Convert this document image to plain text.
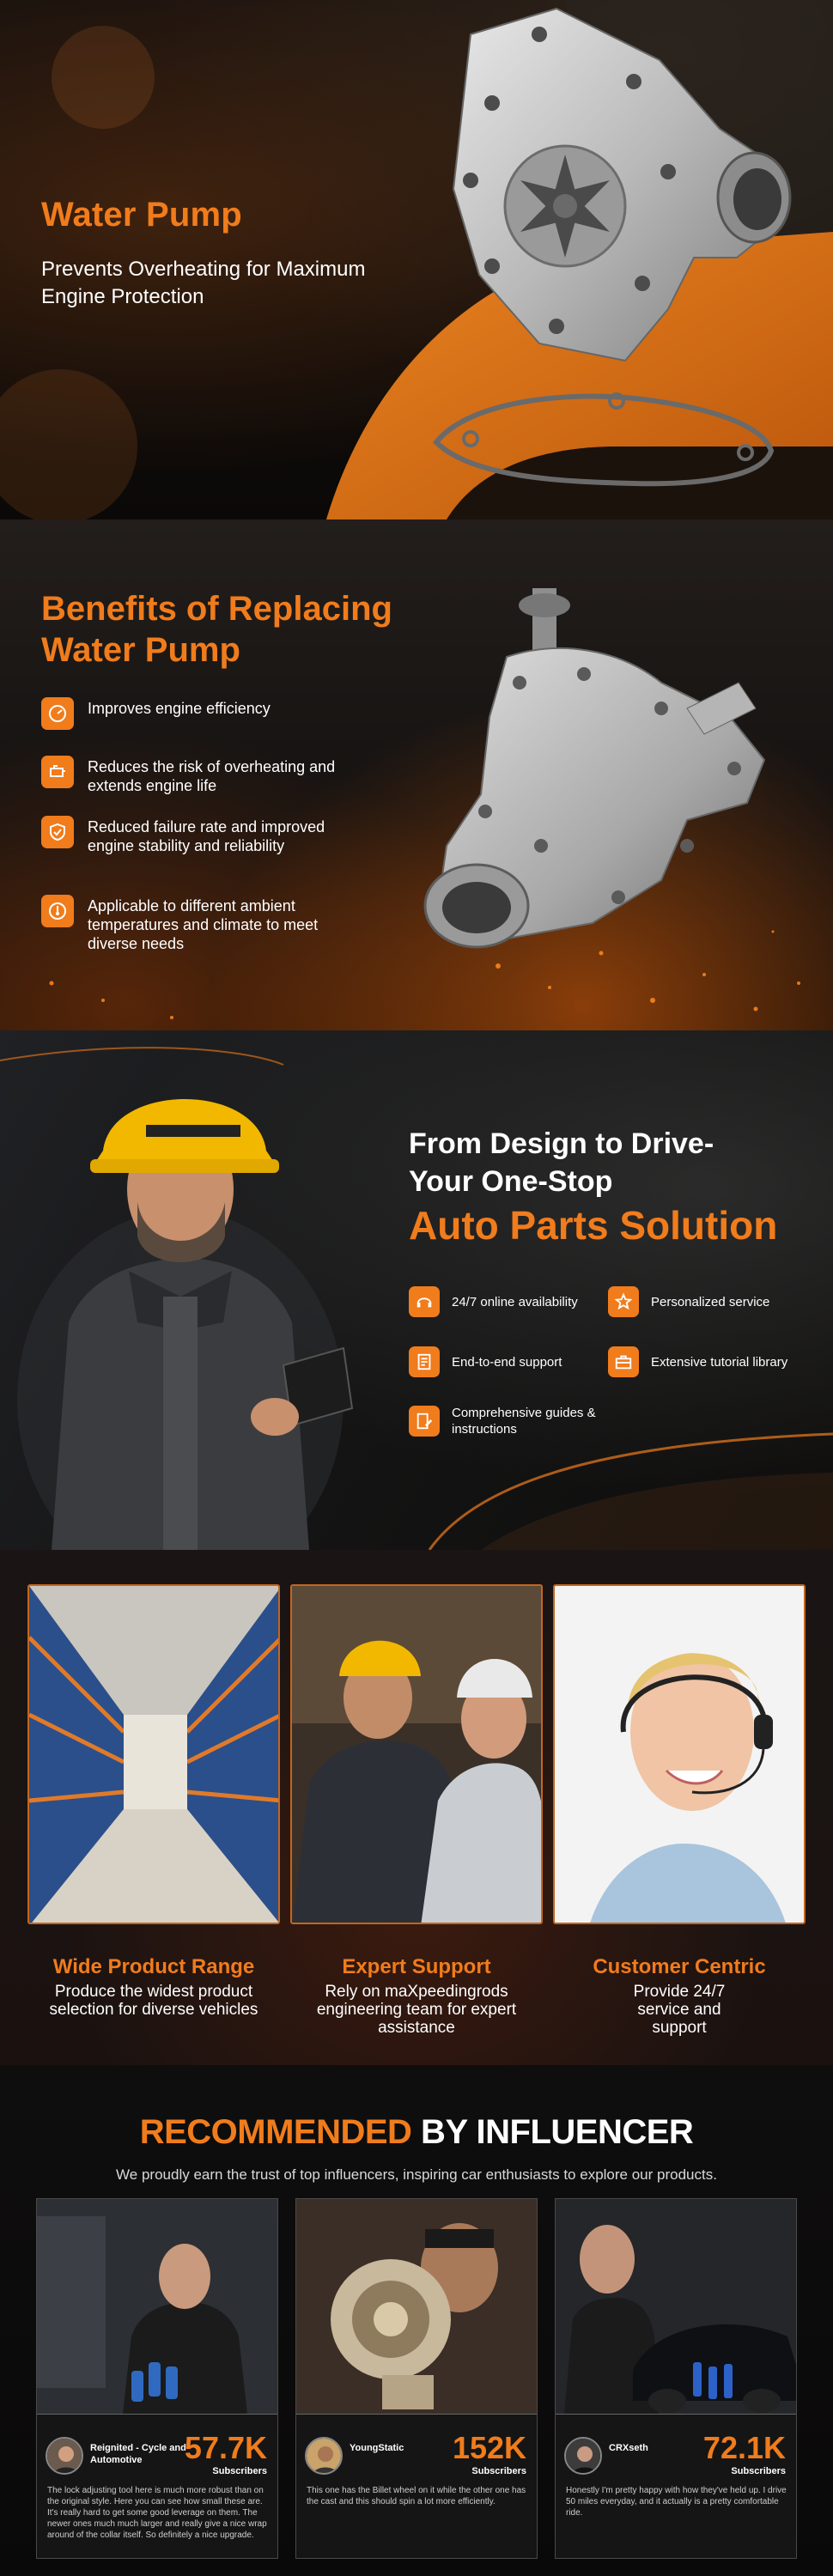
Water Pump
Prevents Overheating for Maximum Engine Protection
Benefits of Replacing Water Pump
Improves engine efficiency
Reduces the risk of overheating and extends engine life
Reduced failure rate and improved engine stability and reliability
Applicable to different ambient temperatures and climate to meet diverse needs
From Design to Drive-
Your One-Stop
Auto Parts Solution
24/7 online availability	Personalized service
End-to-end support	Extensive tutorial library
Comprehensive guides & instructions
Wide Product Range
Produce the widest product selection for diverse vehicles
Expert Support
Rely on maXpeedingrods engineering team for expert assistance
Customer Centric
Provide 24/7 service and support
RECOMMENDED BY INFLUENCER
We proudly earn the trust of top influencers, inspiring car enthusiasts to explore our products.
Reignited - Cycle and Automotive	57.7K
Subscribers
The lock adjusting tool here is much more robust than on the original style. Here you can see how small these are. It's really hard to get some good leverage on them. The newer ones much much larger and really give a nice wrap around of the collar itself. So definitely a nice upgrade.
YoungStatic	152K
Subscribers
This one has the Billet wheel on it while the other one has the cast and this should spin a lot more efficiently.
CRXseth	72.1K
Subscribers
Honestly I'm pretty happy with how they've held up. I drive 50 miles everyday, and it actually is a pretty comfortable ride.
